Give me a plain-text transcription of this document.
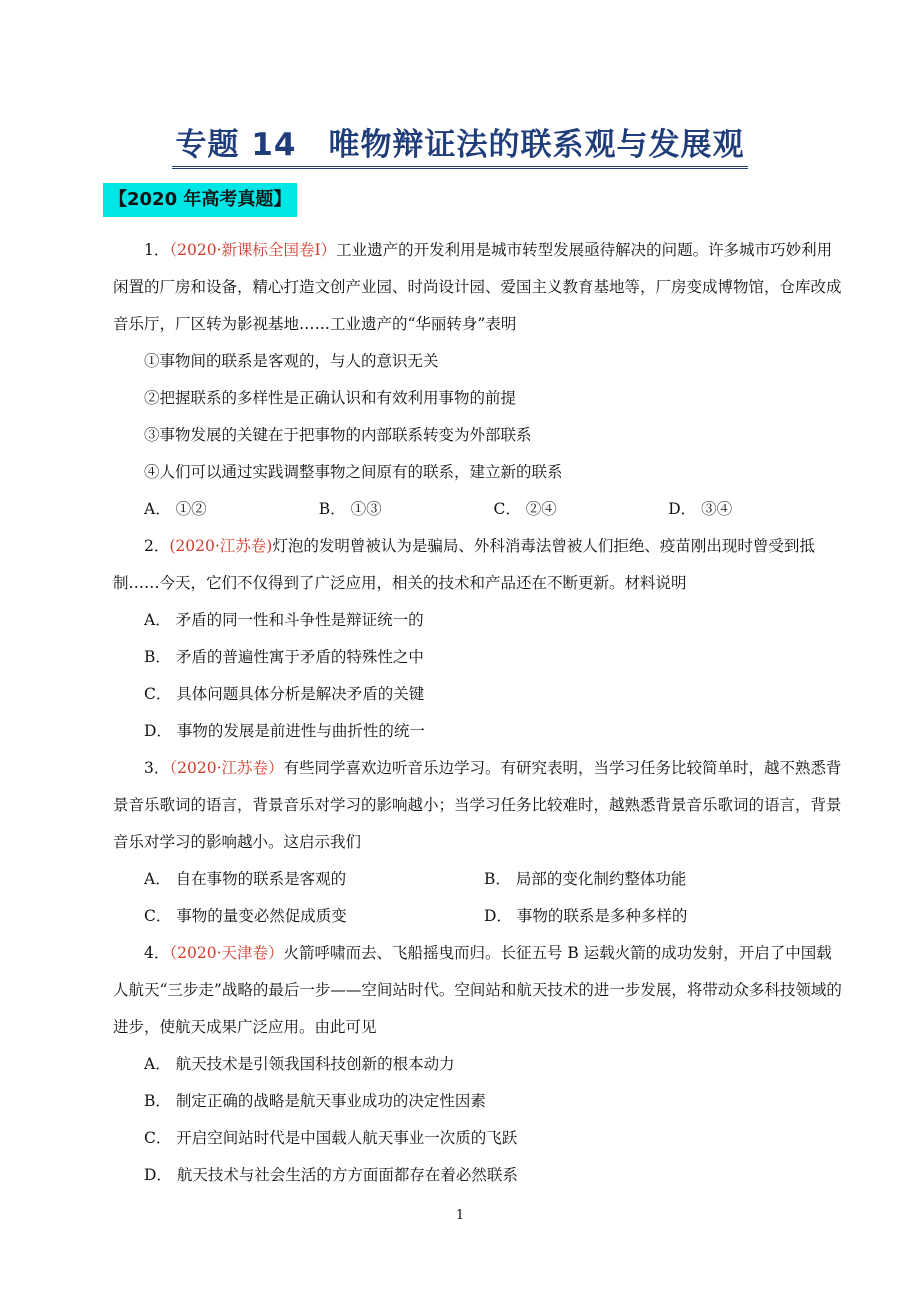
专题 14　唯物辩证法的联系观与发展观
【2020 年高考真题】

1．（2020·新课标全国卷Ⅰ）工业遗产的开发利用是城市转型发展亟待解决的问题。许多城市巧妙利用闲置的厂房和设备，精心打造文创产业园、时尚设计园、爱国主义教育基地等，厂房变成博物馆，仓库改成音乐厅，厂区转为影视基地……工业遗产的“华丽转身”表明

①事物间的联系是客观的，与人的意识无关

②把握联系的多样性是正确认识和有效利用事物的前提

③事物发展的关键在于把事物的内部联系转变为外部联系

④人们可以通过实践调整事物之间原有的联系，建立新的联系

A． ①②	B． ①③	C． ②④	D． ③④

2．(2020·江苏卷)灯泡的发明曾被认为是骗局、外科消毒法曾被人们拒绝、疫苗刚出现时曾受到抵制……今天，它们不仅得到了广泛应用，相关的技术和产品还在不断更新。材料说明

A． 矛盾的同一性和斗争性是辩证统一的

B． 矛盾的普遍性寓于矛盾的特殊性之中

C． 具体问题具体分析是解决矛盾的关键

D． 事物的发展是前进性与曲折性的统一

3．（2020·江苏卷）有些同学喜欢边听音乐边学习。有研究表明，当学习任务比较简单时，越不熟悉背景音乐歌词的语言，背景音乐对学习的影响越小；当学习任务比较难时，越熟悉背景音乐歌词的语言，背景音乐对学习的影响越小。这启示我们

A． 自在事物的联系是客观的	B． 局部的变化制约整体功能
C． 事物的量变必然促成质变	D． 事物的联系是多种多样的

4．（2020·天津卷）火箭呼啸而去、飞船摇曳而归。长征五号 B 运载火箭的成功发射，开启了中国载人航天“三步走”战略的最后一步——空间站时代。空间站和航天技术的进一步发展，将带动众多科技领域的进步，使航天成果广泛应用。由此可见

A． 航天技术是引领我国科技创新的根本动力

B． 制定正确的战略是航天事业成功的决定性因素

C． 开启空间站时代是中国载人航天事业一次质的飞跃

D． 航天技术与社会生活的方方面面都存在着必然联系

1
